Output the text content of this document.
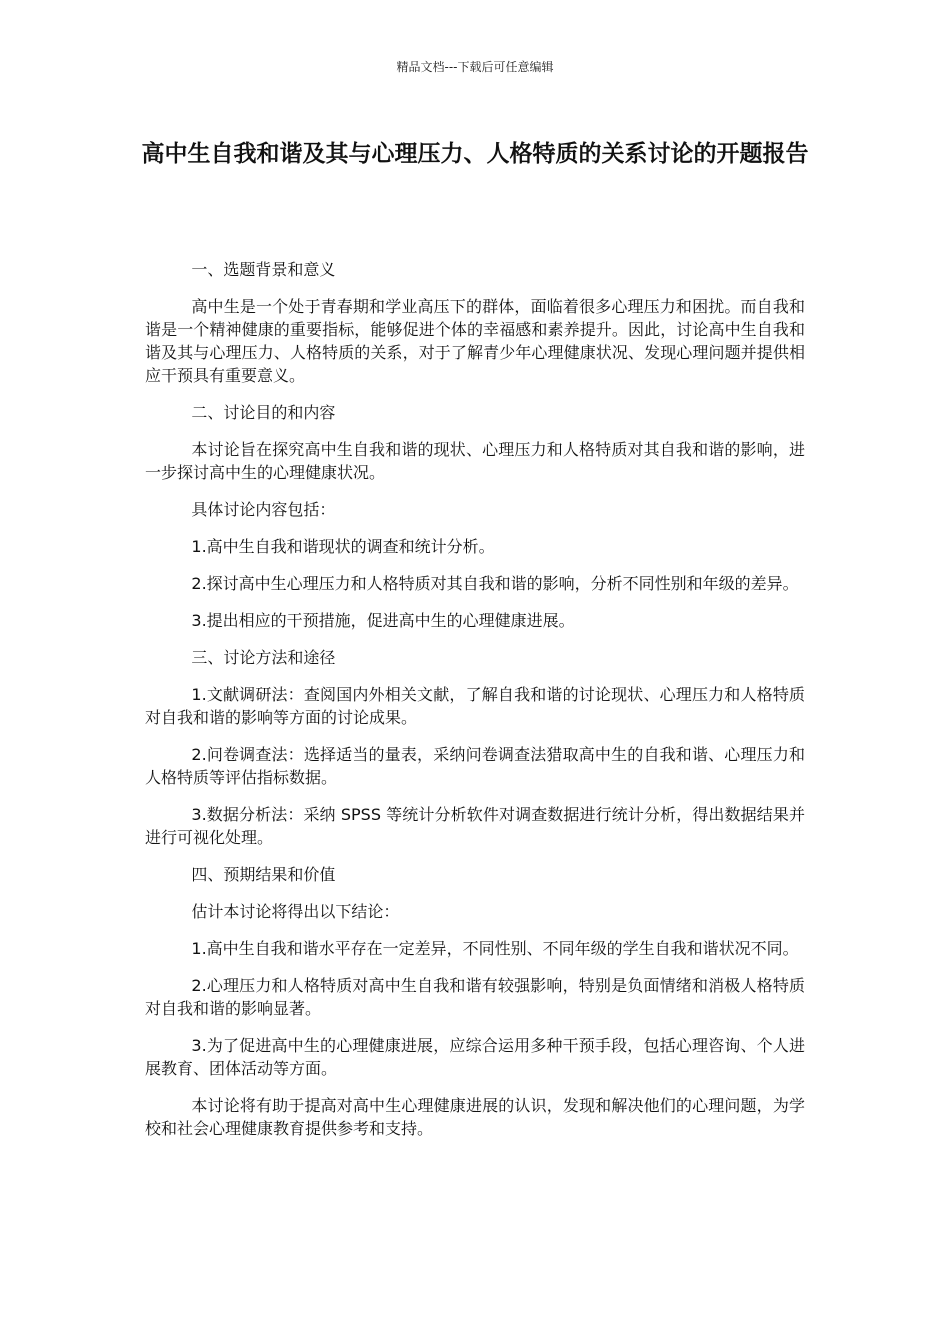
精品文档---下载后可任意编辑
高中生自我和谐及其与心理压力、人格特质的关系讨论的开题报告

一、选题背景和意义

高中生是一个处于青春期和学业高压下的群体，面临着很多心理压力和困扰。而自我和谐是一个精神健康的重要指标，能够促进个体的幸福感和素养提升。因此，讨论高中生自我和谐及其与心理压力、人格特质的关系，对于了解青少年心理健康状况、发现心理问题并提供相应干预具有重要意义。

二、讨论目的和内容

本讨论旨在探究高中生自我和谐的现状、心理压力和人格特质对其自我和谐的影响，进一步探讨高中生的心理健康状况。

具体讨论内容包括：

1.高中生自我和谐现状的调查和统计分析。

2.探讨高中生心理压力和人格特质对其自我和谐的影响，分析不同性别和年级的差异。

3.提出相应的干预措施，促进高中生的心理健康进展。

三、讨论方法和途径

1.文献调研法：查阅国内外相关文献，了解自我和谐的讨论现状、心理压力和人格特质对自我和谐的影响等方面的讨论成果。

2.问卷调查法：选择适当的量表，采纳问卷调查法猎取高中生的自我和谐、心理压力和人格特质等评估指标数据。

3.数据分析法：采纳 SPSS 等统计分析软件对调查数据进行统计分析，得出数据结果并进行可视化处理。

四、预期结果和价值

估计本讨论将得出以下结论：

1.高中生自我和谐水平存在一定差异，不同性别、不同年级的学生自我和谐状况不同。

2.心理压力和人格特质对高中生自我和谐有较强影响，特别是负面情绪和消极人格特质对自我和谐的影响显著。

3.为了促进高中生的心理健康进展，应综合运用多种干预手段，包括心理咨询、个人进展教育、团体活动等方面。

本讨论将有助于提高对高中生心理健康进展的认识，发现和解决他们的心理问题，为学校和社会心理健康教育提供参考和支持。
